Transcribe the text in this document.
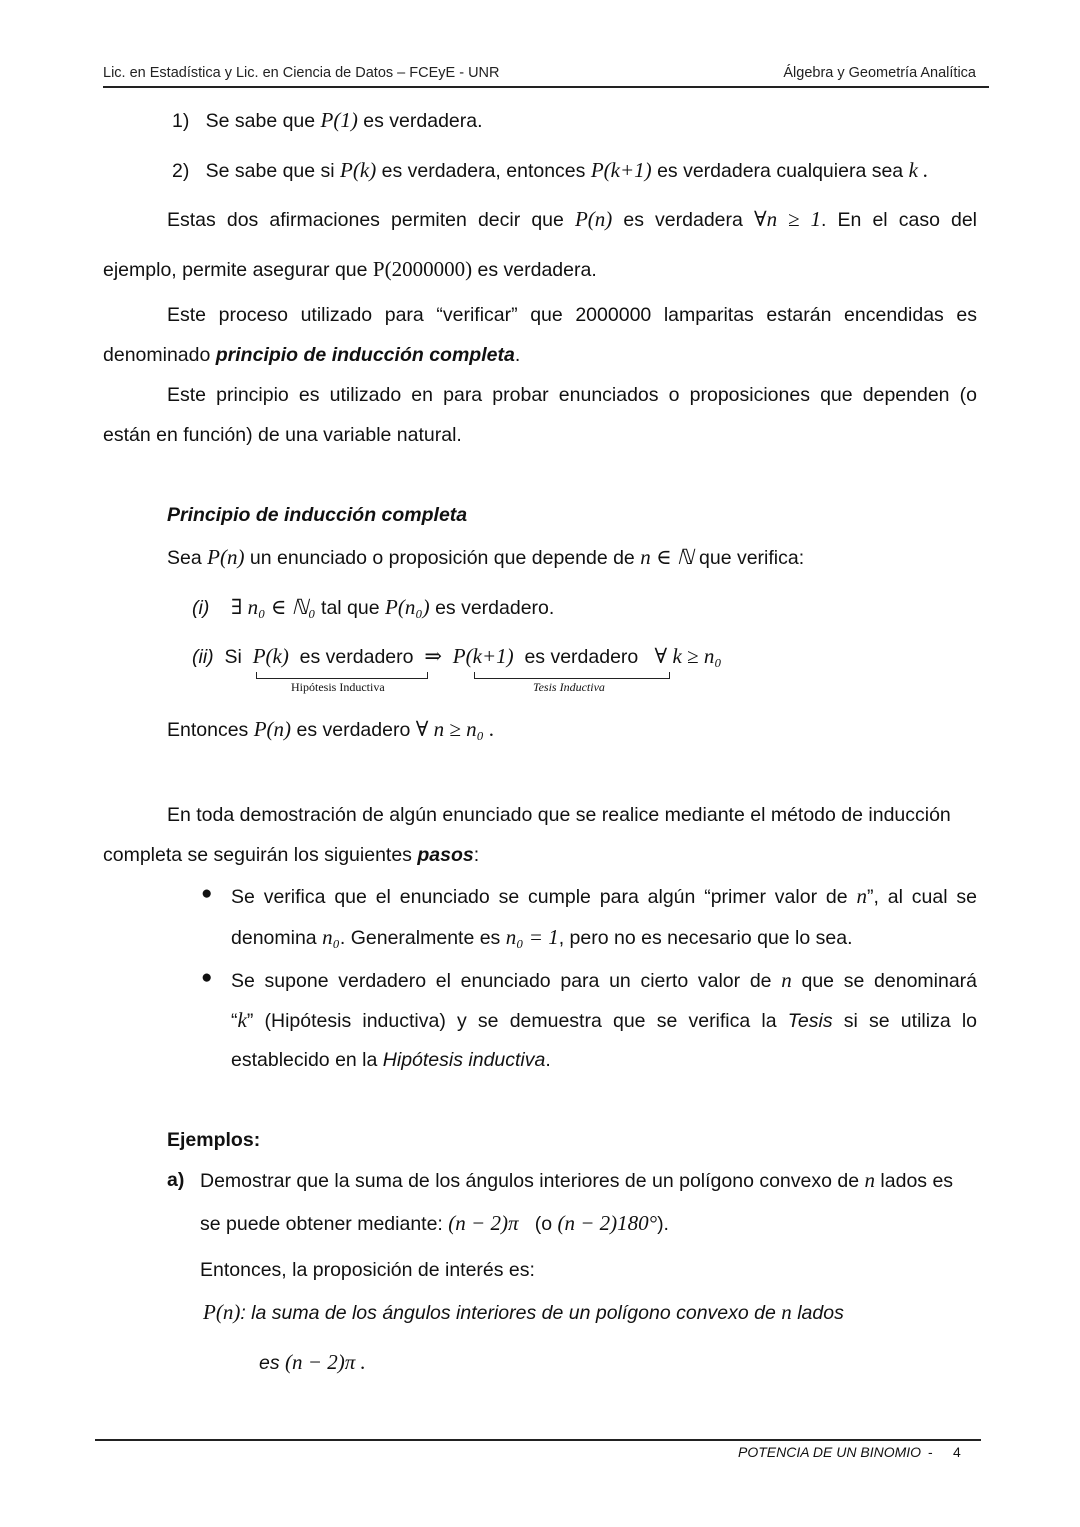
Lic. en Estadística y Lic. en Ciencia de Datos – FCEyE - UNR	Álgebra y Geometría Analítica
1) Se sabe que P(1) es verdadera.
2) Se sabe que si P(k) es verdadera, entonces P(k+1) es verdadera cualquiera sea k .
Estas dos afirmaciones permiten decir que P(n) es verdadera ∀n ≥ 1. En el caso del
ejemplo, permite asegurar que P(2000000) es verdadera.
Este proceso utilizado para “verificar” que 2000000 lamparitas estarán encendidas es
denominado principio de inducción completa.
Este principio es utilizado en para probar enunciados o proposiciones que dependen (o
están en función) de una variable natural.
Principio de inducción completa
Sea P(n) un enunciado o proposición que depende de n ∈ ℕ que verifica:
(i) ∃ n₀ ∈ ℕ₀ tal que P(n₀) es verdadero.
(ii) Si P(k) es verdadero ⇒ P(k+1) es verdadero ∀ k ≥ n₀
Hipótesis Inductiva	Tesis Inductiva
Entonces P(n) es verdadero ∀ n ≥ n₀ .
En toda demostración de algún enunciado que se realice mediante el método de inducción
completa se seguirán los siguientes pasos:
● Se verifica que el enunciado se cumple para algún “primer valor de n”, al cual se
denomina n₀. Generalmente es n₀ = 1, pero no es necesario que lo sea.
● Se supone verdadero el enunciado para un cierto valor de n que se denominará
“k” (Hipótesis inductiva) y se demuestra que se verifica la Tesis si se utiliza lo
establecido en la Hipótesis inductiva.
Ejemplos:
a) Demostrar que la suma de los ángulos interiores de un polígono convexo de n lados es
se puede obtener mediante: (n − 2)π (o (n − 2)180°).
Entonces, la proposición de interés es:
P(n): la suma de los ángulos interiores de un polígono convexo de n lados
es (n − 2)π .
POTENCIA DE UN BINOMIO - 4
